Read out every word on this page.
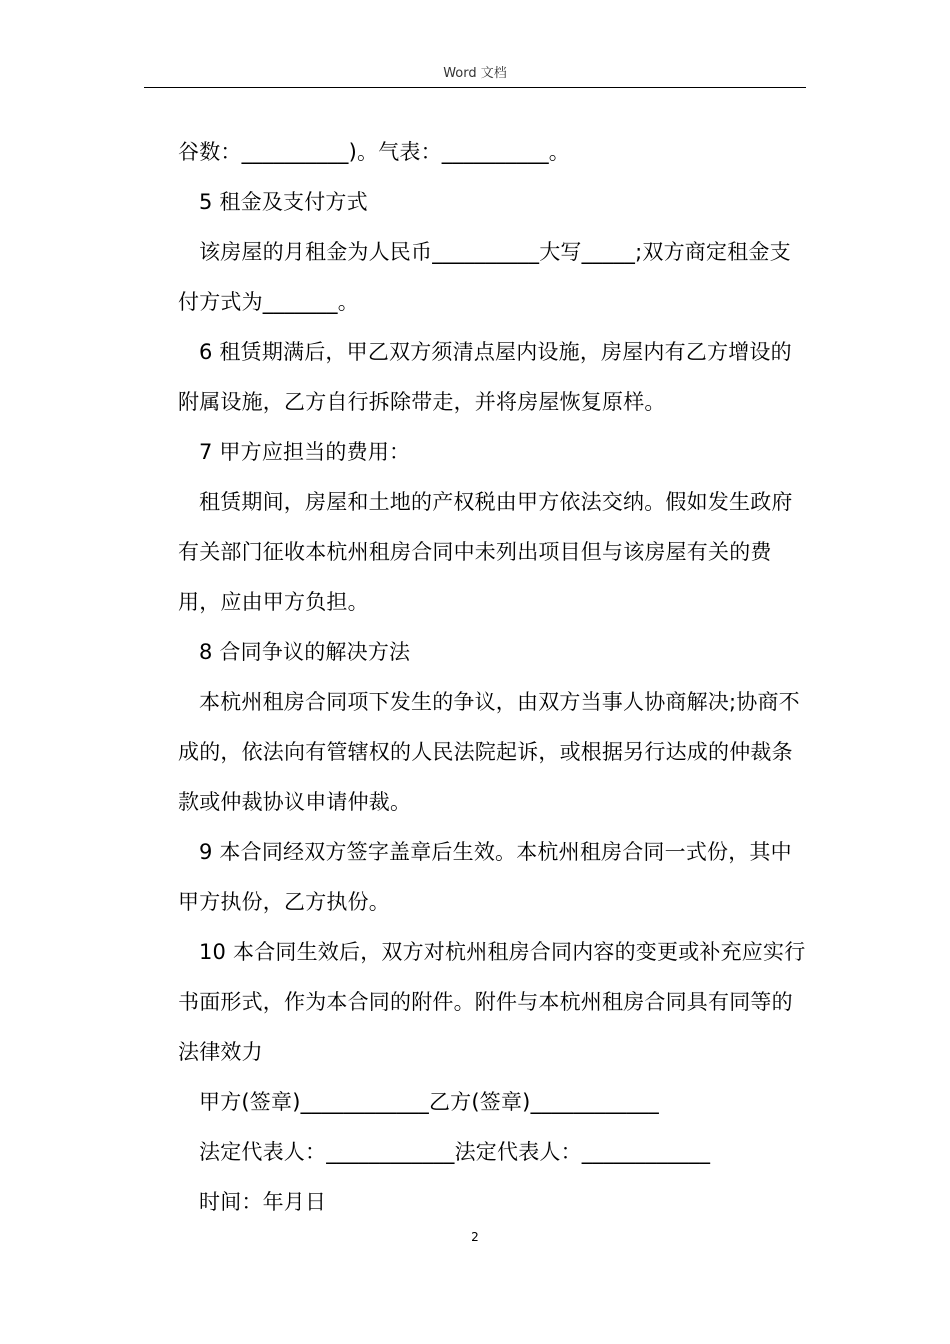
Word 文档

谷数：__________)。气表：__________。

5 租金及支付方式

该房屋的月租金为人民币__________大写_____;双方商定租金支付方式为_______。

6 租赁期满后，甲乙双方须清点屋内设施，房屋内有乙方增设的附属设施，乙方自行拆除带走，并将房屋恢复原样。

7 甲方应担当的费用：

租赁期间，房屋和土地的产权税由甲方依法交纳。假如发生政府有关部门征收本杭州租房合同中未列出项目但与该房屋有关的费用，应由甲方负担。

8 合同争议的解决方法

本杭州租房合同项下发生的争议，由双方当事人协商解决;协商不成的，依法向有管辖权的人民法院起诉，或根据另行达成的仲裁条款或仲裁协议申请仲裁。

9 本合同经双方签字盖章后生效。本杭州租房合同一式份，其中甲方执份，乙方执份。

10 本合同生效后，双方对杭州租房合同内容的变更或补充应实行书面形式，作为本合同的附件。附件与本杭州租房合同具有同等的法律效力

甲方(签章)____________乙方(签章)____________

法定代表人：____________法定代表人：____________

时间：年月日

2
